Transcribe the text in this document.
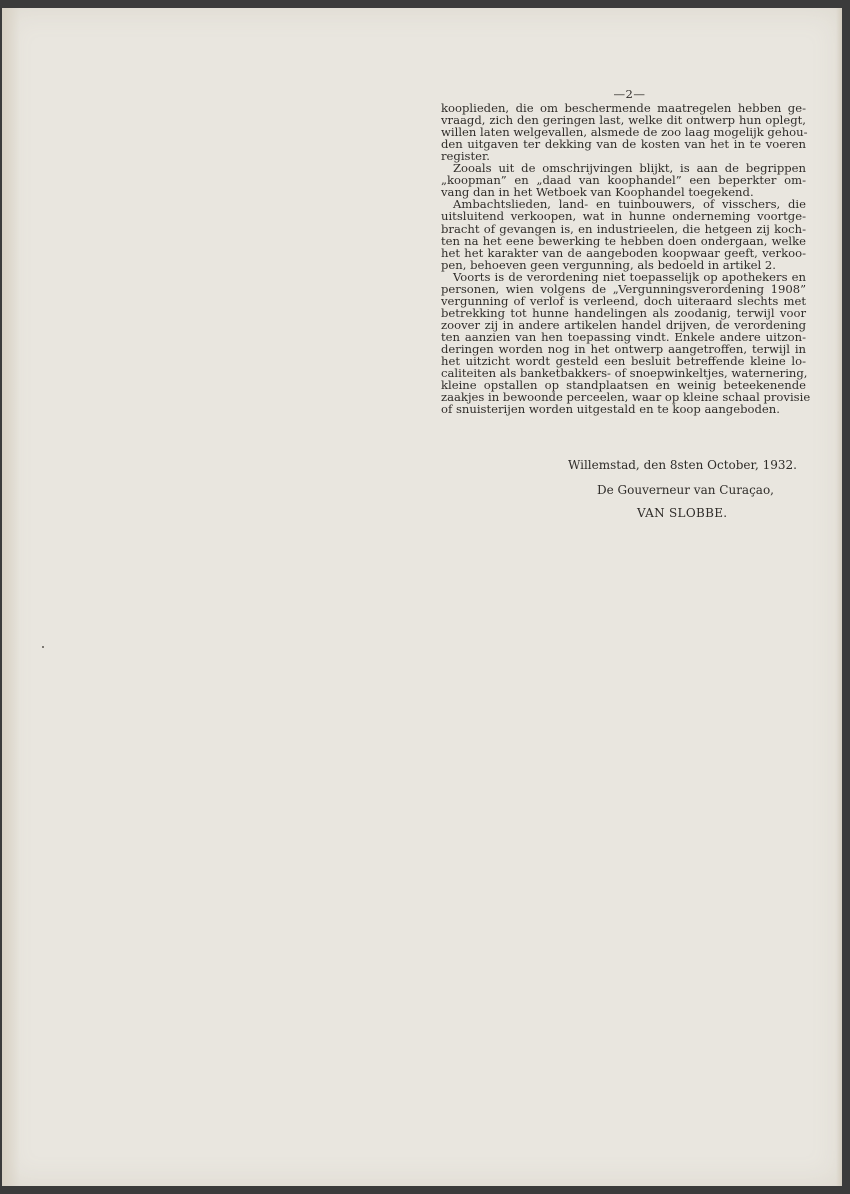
—2—
kooplieden, die om beschermende maatregelen hebben ge-
vraagd, zich den geringen last, welke dit ontwerp hun oplegt,
willen laten welgevallen, alsmede de zoo laag mogelijk gehou-
den uitgaven ter dekking van de kosten van het in te voeren
register.
Zooals uit de omschrijvingen blijkt, is aan de begrippen
„koopman” en „daad van koophandel” een beperkter om-
vang dan in het Wetboek van Koophandel toegekend.
Ambachtslieden, land- en tuinbouwers, of visschers, die
uitsluitend verkoopen, wat in hunne onderneming voortge-
bracht of gevangen is, en industrieelen, die hetgeen zij koch-
ten na het eene bewerking te hebben doen ondergaan, welke
het het karakter van de aangeboden koopwaar geeft, verkoo-
pen, behoeven geen vergunning, als bedoeld in artikel 2.
Voorts is de verordening niet toepasselijk op apothekers en
personen, wien volgens de „Vergunningsverordening 1908”
vergunning of verlof is verleend, doch uiteraard slechts met
betrekking tot hunne handelingen als zoodanig, terwijl voor
zoover zij in andere artikelen handel drijven, de verordening
ten aanzien van hen toepassing vindt. Enkele andere uitzon-
deringen worden nog in het ontwerp aangetroffen, terwijl in
het uitzicht wordt gesteld een besluit betreffende kleine lo-
caliteiten als banketbakkers- of snoepwinkeltjes, waternering,
kleine opstallen op standplaatsen en weinig beteekenende
zaakjes in bewoonde perceelen, waar op kleine schaal provisie
of snuisterijen worden uitgestald en te koop aangeboden.
Willemstad, den 8sten October, 1932.
De Gouverneur van Curaçao,
VAN SLOBBE.
